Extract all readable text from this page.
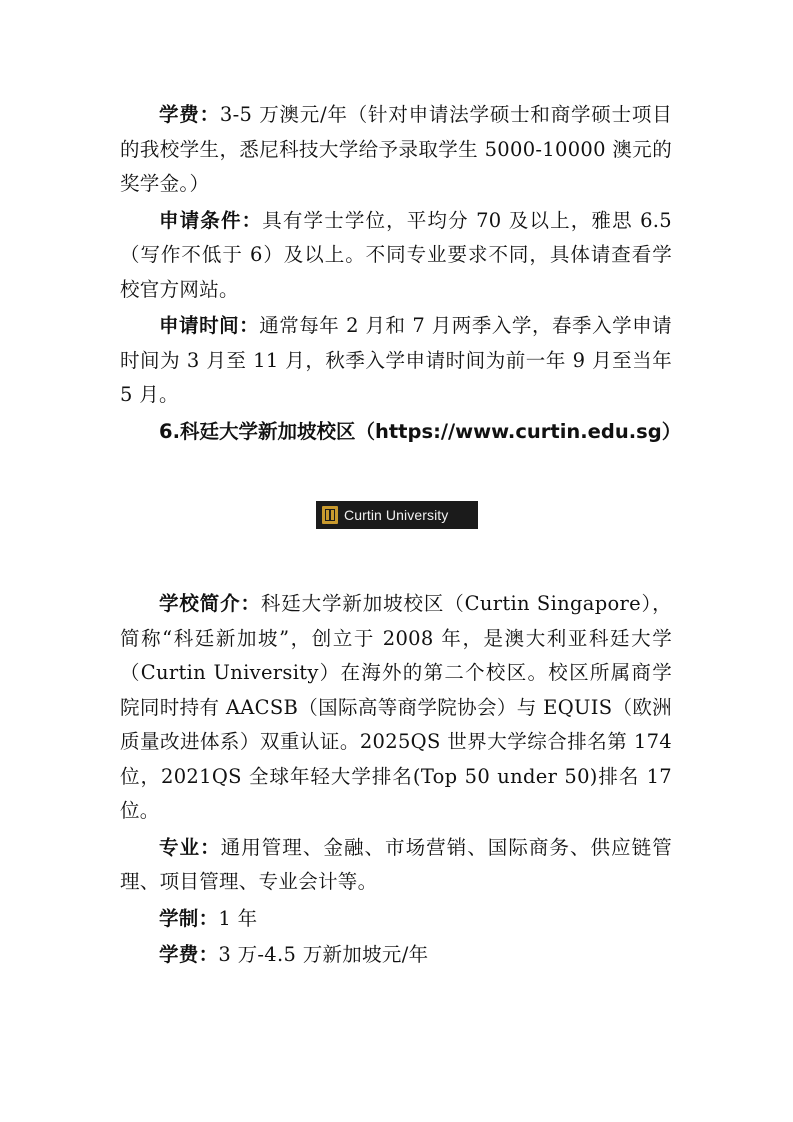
学费：3-5 万澳元/年（针对申请法学硕士和商学硕士项目的我校学生，悉尼科技大学给予录取学生 5000-10000 澳元的奖学金。）

申请条件：具有学士学位，平均分 70 及以上，雅思 6.5（写作不低于 6）及以上。不同专业要求不同，具体请查看学校官方网站。

申请时间：通常每年 2 月和 7 月两季入学，春季入学申请时间为 3 月至 11 月，秋季入学申请时间为前一年 9 月至当年 5 月。

6.科廷大学新加坡校区（https://www.curtin.edu.sg）

Curtin University

学校简介：科廷大学新加坡校区（Curtin Singapore），简称“科廷新加坡”，创立于 2008 年，是澳大利亚科廷大学（Curtin University）在海外的第二个校区。校区所属商学院同时持有 AACSB（国际高等商学院协会）与 EQUIS（欧洲质量改进体系）双重认证。2025QS 世界大学综合排名第 174 位，2021QS 全球年轻大学排名(Top 50 under 50)排名 17 位。

专业：通用管理、金融、市场营销、国际商务、供应链管理、项目管理、专业会计等。

学制：1 年

学费：3 万-4.5 万新加坡元/年
